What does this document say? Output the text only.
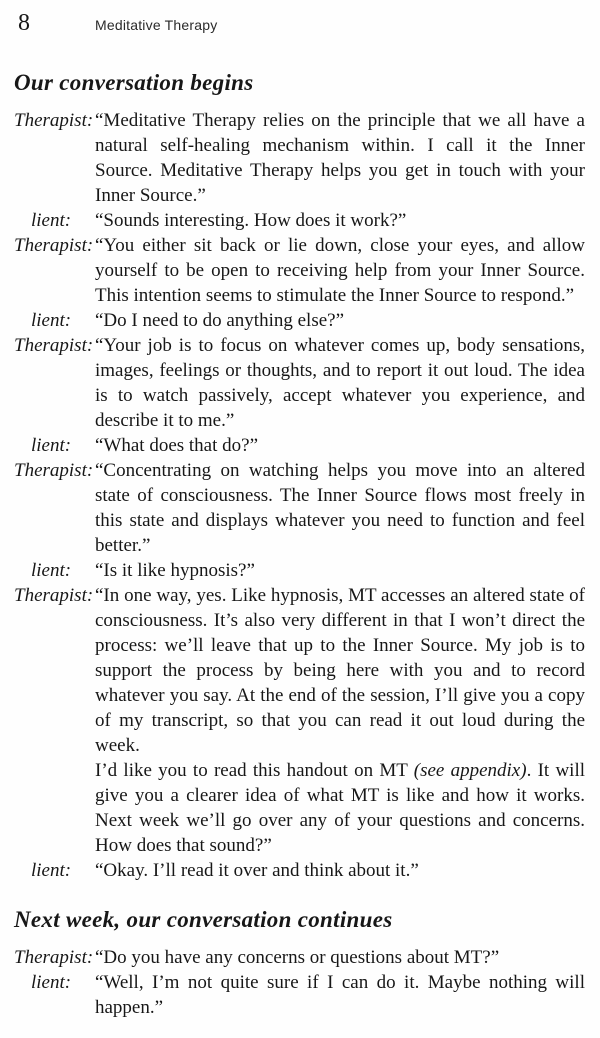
8	Meditative Therapy
Our conversation begins
Therapist: “Meditative Therapy relies on the principle that we all have a natural self-healing mechanism within. I call it the Inner Source. Meditative Therapy helps you get in touch with your Inner Source.”

lient:	“Sounds interesting. How does it work?”

Therapist: “You either sit back or lie down, close your eyes, and allow yourself to be open to receiving help from your Inner Source. This intention seems to stimulate the Inner Source to respond.”

lient:	“Do I need to do anything else?”

Therapist: “Your job is to focus on whatever comes up, body sensations, images, feelings or thoughts, and to report it out loud. The idea is to watch passively, accept whatever you experience, and describe it to me.”

lient:	“What does that do?”

Therapist: “Concentrating on watching helps you move into an altered state of consciousness. The Inner Source flows most freely in this state and displays whatever you need to function and feel better.”

lient:	“Is it like hypnosis?”

Therapist: “In one way, yes. Like hypnosis, MT accesses an altered state of consciousness. It’s also very different in that I won’t direct the process: we’ll leave that up to the Inner Source. My job is to support the process by being here with you and to record whatever you say. At the end of the session, I’ll give you a copy of my transcript, so that you can read it out loud during the week.

I’d like you to read this handout on MT (see appendix). It will give you a clearer idea of what MT is like and how it works. Next week we’ll go over any of your questions and concerns. How does that sound?”

lient:	“Okay. I’ll read it over and think about it.”

Next week, our conversation continues
Therapist: “Do you have any concerns or questions about MT?”

lient:	“Well, I’m not quite sure if I can do it. Maybe nothing will happen.”
